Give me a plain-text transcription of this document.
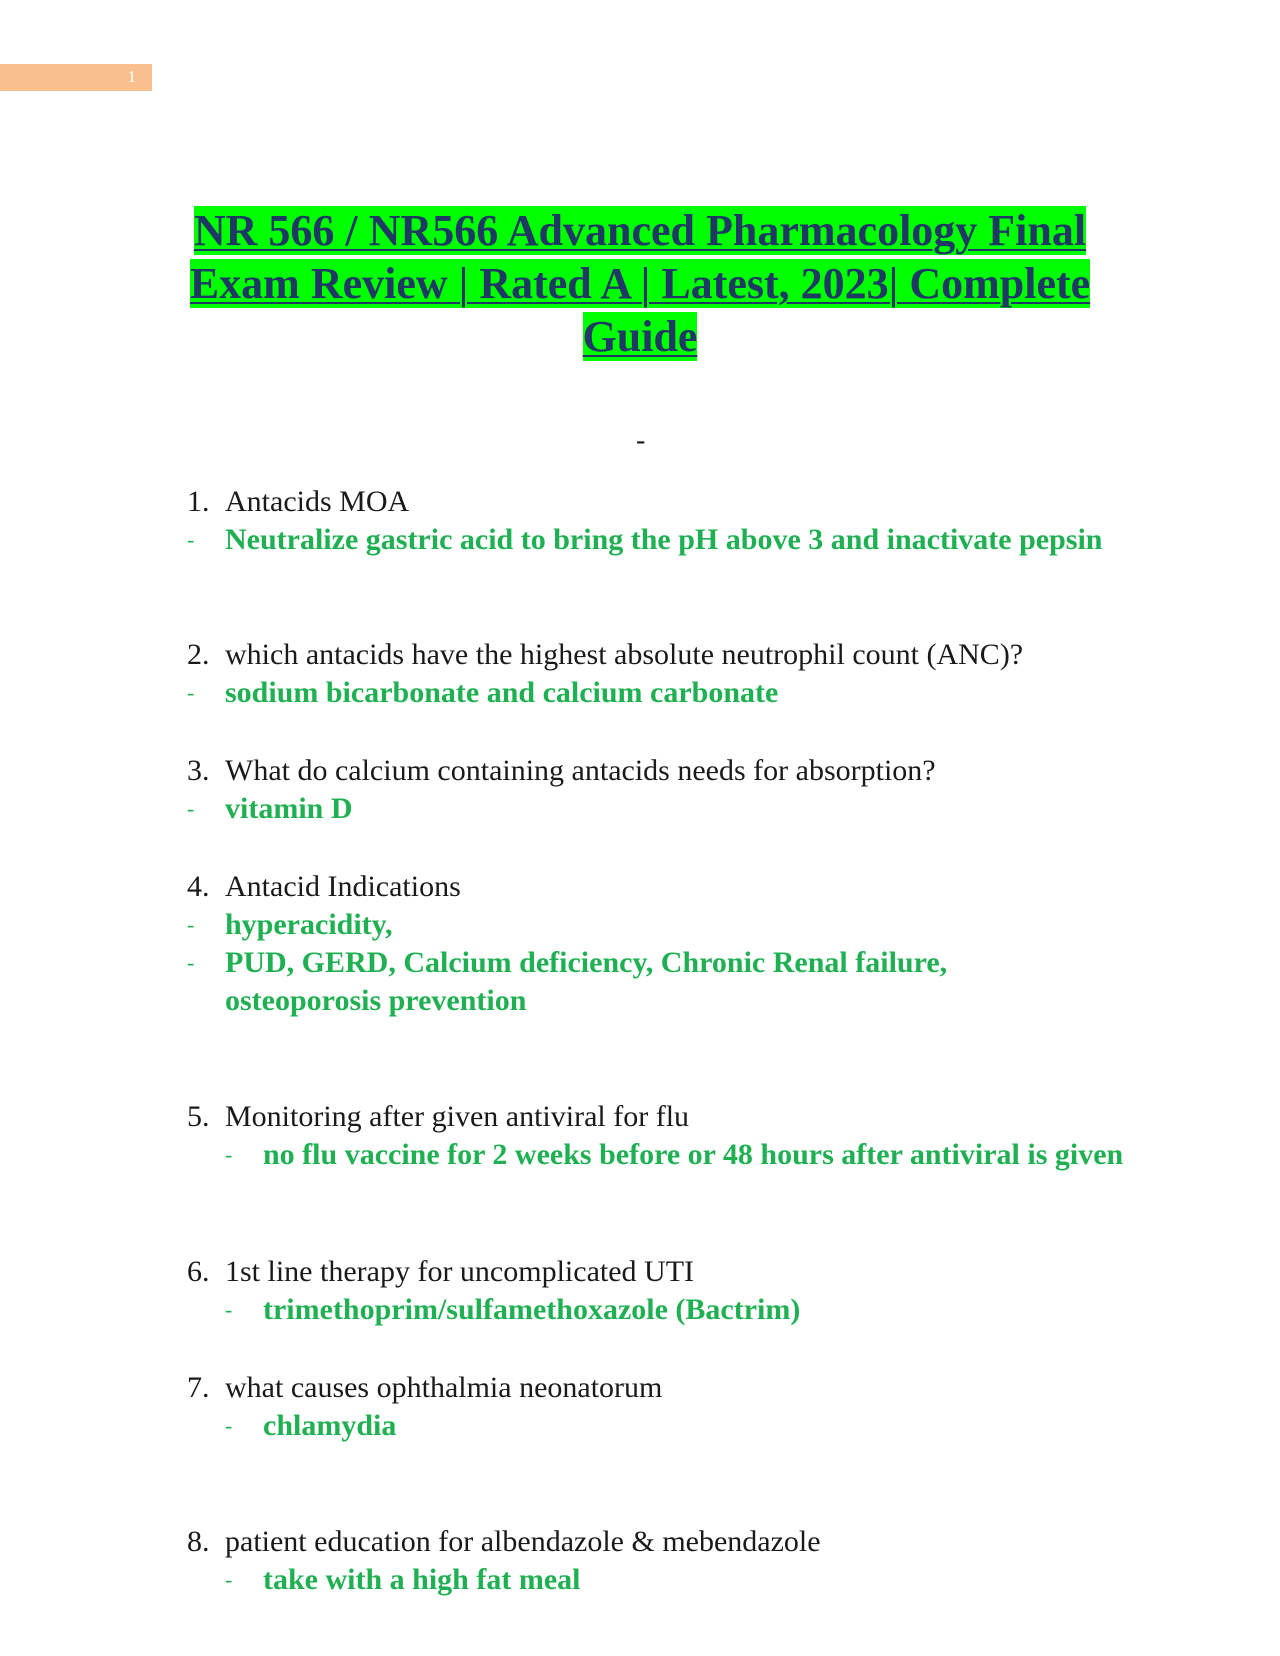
1
NR 566 / NR566 Advanced Pharmacology Final Exam Review | Rated A | Latest, 2023| Complete Guide
-
1. Antacids MOA
- Neutralize gastric acid to bring the pH above 3 and inactivate pepsin
2. which antacids have the highest absolute neutrophil count (ANC)?
- sodium bicarbonate and calcium carbonate
3. What do calcium containing antacids needs for absorption?
- vitamin D
4. Antacid Indications
- hyperacidity,
- PUD, GERD, Calcium deficiency, Chronic Renal failure, osteoporosis prevention
5. Monitoring after given antiviral for flu
- no flu vaccine for 2 weeks before or 48 hours after antiviral is given
6. 1st line therapy for uncomplicated UTI
- trimethoprim/sulfamethoxazole (Bactrim)
7. what causes ophthalmia neonatorum
- chlamydia
8. patient education for albendazole & mebendazole
- take with a high fat meal
